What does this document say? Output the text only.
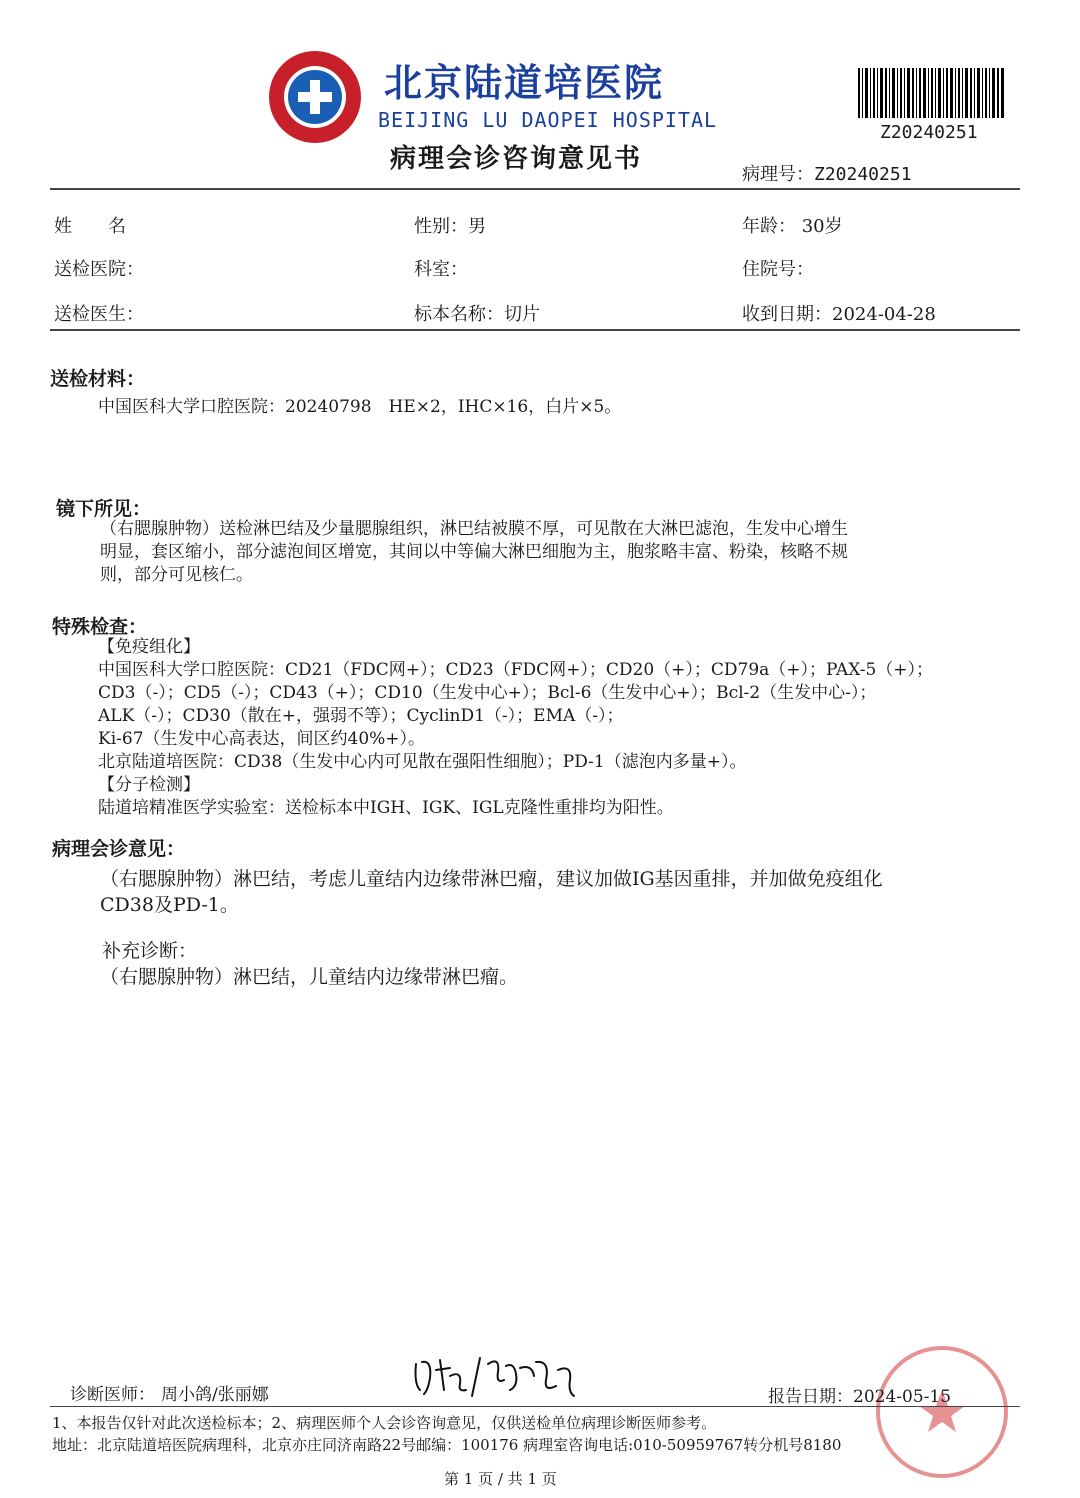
北京陆道培医院
BEIJING LU DAOPEI HOSPITAL
病理会诊咨询意见书
Z20240251
病理号：Z20240251
姓　　名	性别：男	年龄： 30岁
送检医院：	科室：	住院号：
送检医生：	标本名称：切片	收到日期：2024-04-28
送检材料：
中国医科大学口腔医院：20240798　HE×2，IHC×16，白片×5。
镜下所见：
（右腮腺肿物）送检淋巴结及少量腮腺组织，淋巴结被膜不厚，可见散在大淋巴滤泡，生发中心增生
明显，套区缩小，部分滤泡间区增宽，其间以中等偏大淋巴细胞为主，胞浆略丰富、粉染，核略不规
则，部分可见核仁。
特殊检查：
【免疫组化】
中国医科大学口腔医院：CD21（FDC网+）；CD23（FDC网+）；CD20（+）；CD79a（+）；PAX-5（+）；
CD3（-）；CD5（-）；CD43（+）；CD10（生发中心+）；Bcl-6（生发中心+）；Bcl-2（生发中心-）；
ALK（-）；CD30（散在+，强弱不等）；CyclinD1（-）；EMA（-）；
Ki-67（生发中心高表达，间区约40%+）。
北京陆道培医院：CD38（生发中心内可见散在强阳性细胞）；PD-1（滤泡内多量+）。
【分子检测】
陆道培精准医学实验室：送检标本中IGH、IGK、IGL克隆性重排均为阳性。
病理会诊意见：
（右腮腺肿物）淋巴结，考虑儿童结内边缘带淋巴瘤，建议加做IG基因重排，并加做免疫组化
CD38及PD-1。
补充诊断：
（右腮腺肿物）淋巴结，儿童结内边缘带淋巴瘤。
诊断医师： 周小鸽/张丽娜	报告日期：2024-05-15
1、本报告仅针对此次送检标本；2、病理医师个人会诊咨询意见，仅供送检单位病理诊断医师参考。
地址：北京陆道培医院病理科，北京亦庄同济南路22号邮编：100176 病理室咨询电话:010-50959767转分机号8180
第 1 页 / 共 1 页
